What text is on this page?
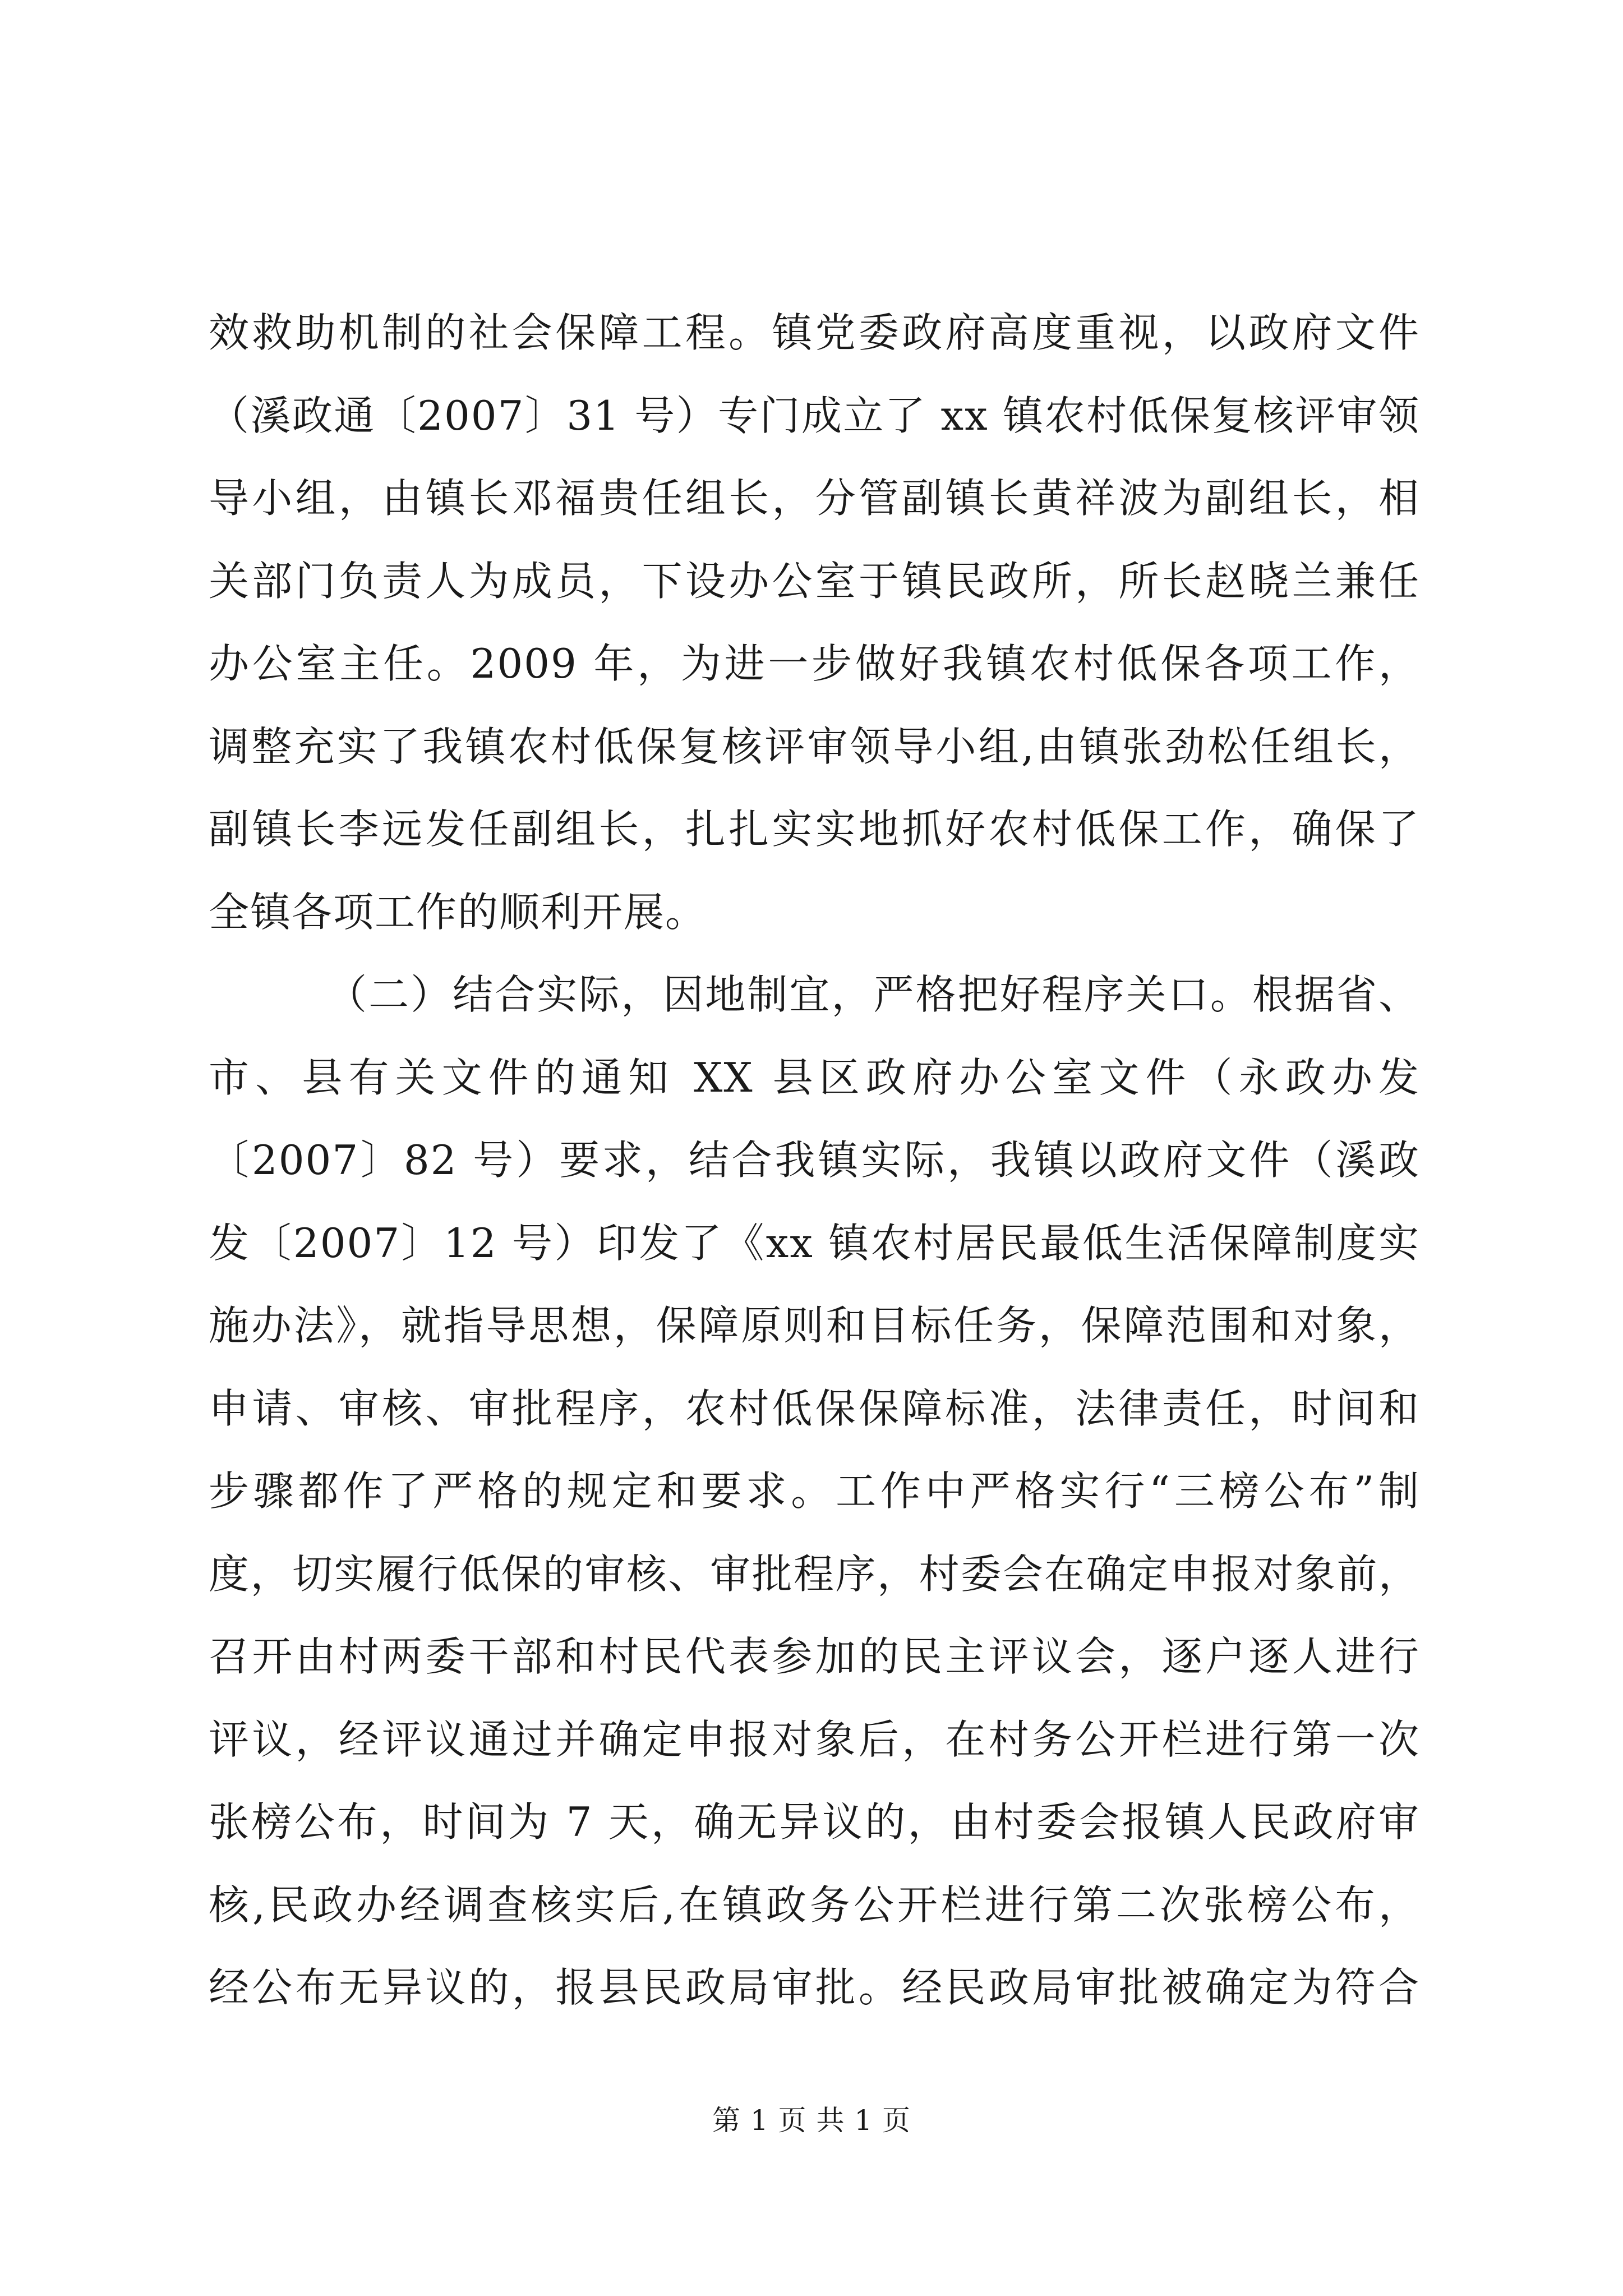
效救助机制的社会保障工程。镇党委政府高度重视，以政府文件
（溪政通〔2007〕31 号）专门成立了 xx 镇农村低保复核评审领
导小组，由镇长邓福贵任组长，分管副镇长黄祥波为副组长，相
关部门负责人为成员，下设办公室于镇民政所，所长赵晓兰兼任
办公室主任。2009 年，为进一步做好我镇农村低保各项工作，
调整充实了我镇农村低保复核评审领导小组,由镇张劲松任组长，
副镇长李远发任副组长，扎扎实实地抓好农村低保工作，确保了
全镇各项工作的顺利开展。
（二）结合实际，因地制宜，严格把好程序关口。根据省、
市、县有关文件的通知 XX 县区政府办公室文件（永政办发
〔2007〕82 号）要求，结合我镇实际，我镇以政府文件（溪政
发〔2007〕12 号）印发了《xx 镇农村居民最低生活保障制度实
施办法》，就指导思想，保障原则和目标任务，保障范围和对象，
申请、审核、审批程序，农村低保保障标准，法律责任，时间和
步骤都作了严格的规定和要求。工作中严格实行“三榜公布”制
度，切实履行低保的审核、审批程序，村委会在确定申报对象前，
召开由村两委干部和村民代表参加的民主评议会，逐户逐人进行
评议，经评议通过并确定申报对象后，在村务公开栏进行第一次
张榜公布，时间为 7 天，确无异议的，由村委会报镇人民政府审
核,民政办经调查核实后,在镇政务公开栏进行第二次张榜公布，
经公布无异议的，报县民政局审批。经民政局审批被确定为符合
第 1 页 共 1 页
